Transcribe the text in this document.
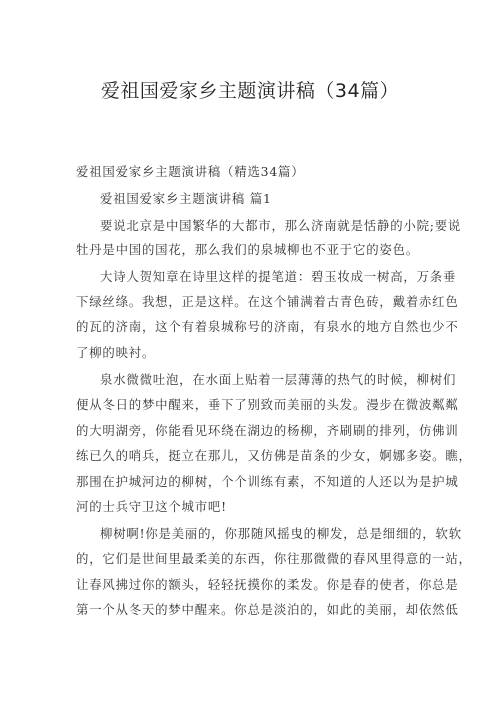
爱祖国爱家乡主题演讲稿（34篇）
爱祖国爱家乡主题演讲稿（精选34篇）
爱祖国爱家乡主题演讲稿 篇1
要说北京是中国繁华的大都市，那么济南就是恬静的小院;要说
牡丹是中国的国花，那么我们的泉城柳也不亚于它的姿色。
大诗人贺知章在诗里这样的提笔道：碧玉妆成一树高，万条垂
下绿丝绦。我想，正是这样。在这个铺满着古青色砖，戴着赤红色
的瓦的济南，这个有着泉城称号的济南，有泉水的地方自然也少不
了柳的映衬。
泉水微微吐泡，在水面上贴着一层薄薄的热气的时候，柳树们
便从冬日的梦中醒来，垂下了别致而美丽的头发。漫步在微波粼粼
的大明湖旁，你能看见环绕在湖边的杨柳，齐刷刷的排列，仿佛训
练已久的哨兵，挺立在那儿，又仿佛是苗条的少女，婀娜多姿。瞧，
那围在护城河边的柳树，个个训练有素，不知道的人还以为是护城
河的士兵守卫这个城市吧!
柳树啊!你是美丽的，你那随风摇曳的柳发，总是细细的，软软
的，它们是世间里最柔美的东西，你往那微微的春风里得意的一站，
让春风拂过你的额头，轻轻抚摸你的柔发。你是春的使者，你总是
第一个从冬天的梦中醒来。你总是淡泊的，如此的美丽，却依然低
